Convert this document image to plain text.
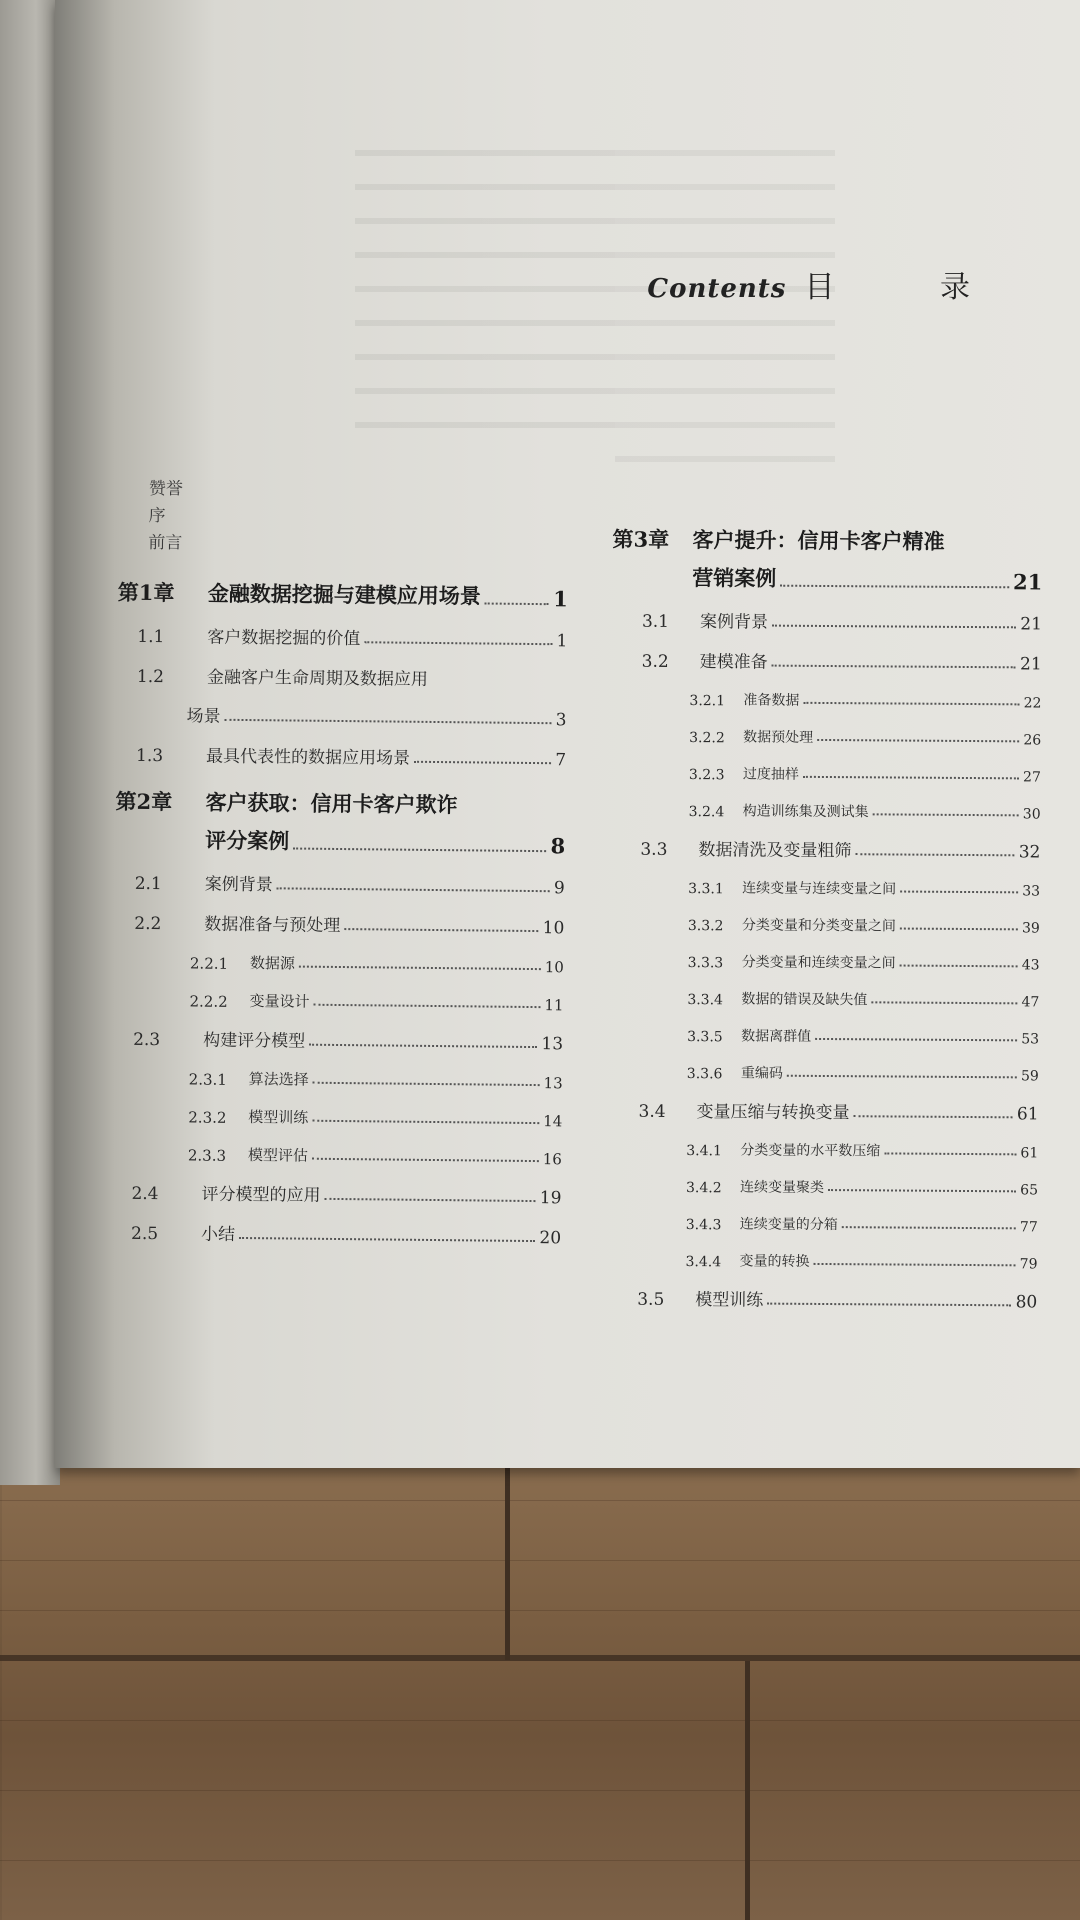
Contents 目 录
赞誉
序
前言
第1章	金融数据挖掘与建模应用场景	1
1.1	客户数据挖掘的价值	1
1.2	金融客户生命周期及数据应用
场景	3
1.3	最具代表性的数据应用场景	7
第2章	客户获取：信用卡客户欺诈
评分案例	8
2.1	案例背景	9
2.2	数据准备与预处理	10
2.2.1	数据源	10
2.2.2	变量设计	11
2.3	构建评分模型	13
2.3.1	算法选择	13
2.3.2	模型训练	14
2.3.3	模型评估	16
2.4	评分模型的应用	19
2.5	小结	20
第3章	客户提升：信用卡客户精准
营销案例	21
3.1	案例背景	21
3.2	建模准备	21
3.2.1	准备数据	22
3.2.2	数据预处理	26
3.2.3	过度抽样	27
3.2.4	构造训练集及测试集	30
3.3	数据清洗及变量粗筛	32
3.3.1	连续变量与连续变量之间	33
3.3.2	分类变量和分类变量之间	39
3.3.3	分类变量和连续变量之间	43
3.3.4	数据的错误及缺失值	47
3.3.5	数据离群值	53
3.3.6	重编码	59
3.4	变量压缩与转换变量	61
3.4.1	分类变量的水平数压缩	61
3.4.2	连续变量聚类	65
3.4.3	连续变量的分箱	77
3.4.4	变量的转换	79
3.5	模型训练	80
